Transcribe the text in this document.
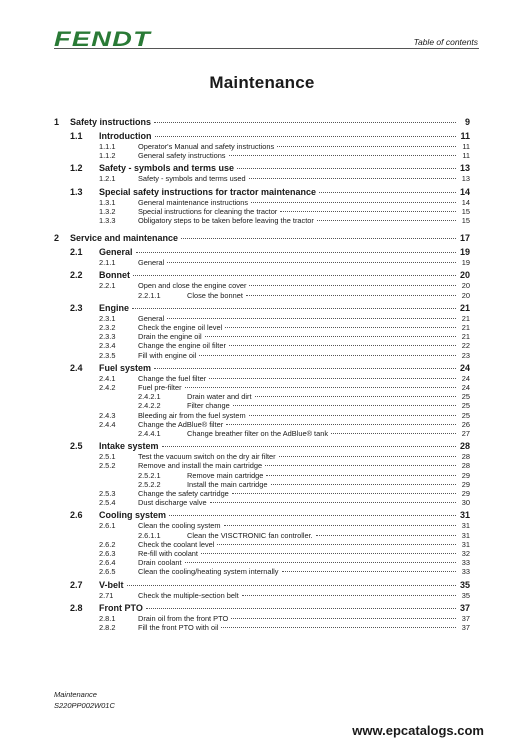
FENDT	Table of contents
Maintenance
1 Safety instructions	9
1.1 Introduction	11
1.1.1	Operator's Manual and safety instructions	11
1.1.2	General safety instructions	11
1.2 Safety - symbols and terms use	13
1.2.1	Safety - symbols and terms used	13
1.3 Special safety instructions for tractor maintenance	14
1.3.1	General maintenance instructions	14
1.3.2	Special instructions for cleaning the tractor	15
1.3.3	Obligatory steps to be taken before leaving the tractor	15
2 Service and maintenance	17
2.1 General	19
2.1.1	General	19
2.2 Bonnet	20
2.2.1	Open and close the engine cover	20
2.2.1.1	Close the bonnet	20
2.3 Engine	21
2.3.1	General	21
2.3.2	Check the engine oil level	21
2.3.3	Drain the engine oil	21
2.3.4	Change the engine oil filter	22
2.3.5	Fill with engine oil	23
2.4 Fuel system	24
2.4.1	Change the fuel filter	24
2.4.2	Fuel pre-filter	24
2.4.2.1	Drain water and dirt	25
2.4.2.2	Filter change	25
2.4.3	Bleeding air from the fuel system	25
2.4.4	Change the AdBlue® filter	26
2.4.4.1	Change breather filter on the AdBlue® tank	27
2.5 Intake system	28
2.5.1	Test the vacuum switch on the dry air filter	28
2.5.2	Remove and install the main cartridge	28
2.5.2.1	Remove main cartridge	29
2.5.2.2	Install the main cartridge	29
2.5.3	Change the safety cartridge	29
2.5.4	Dust discharge valve	30
2.6 Cooling system	31
2.6.1	Clean the cooling system	31
2.6.1.1	Clean the VISCTRONIC fan controller.	31
2.6.2	Check the coolant level	31
2.6.3	Re-fill with coolant	32
2.6.4	Drain coolant	33
2.6.5	Clean the cooling/heating system internally	33
2.7 V-belt	35
2.71	Check the multiple-section belt	35
2.8 Front PTO	37
2.8.1	Drain oil from the front PTO	37
2.8.2	Fill the front PTO with oil	37
Maintenance
S220PP002W01C
www.epcatalogs.com
